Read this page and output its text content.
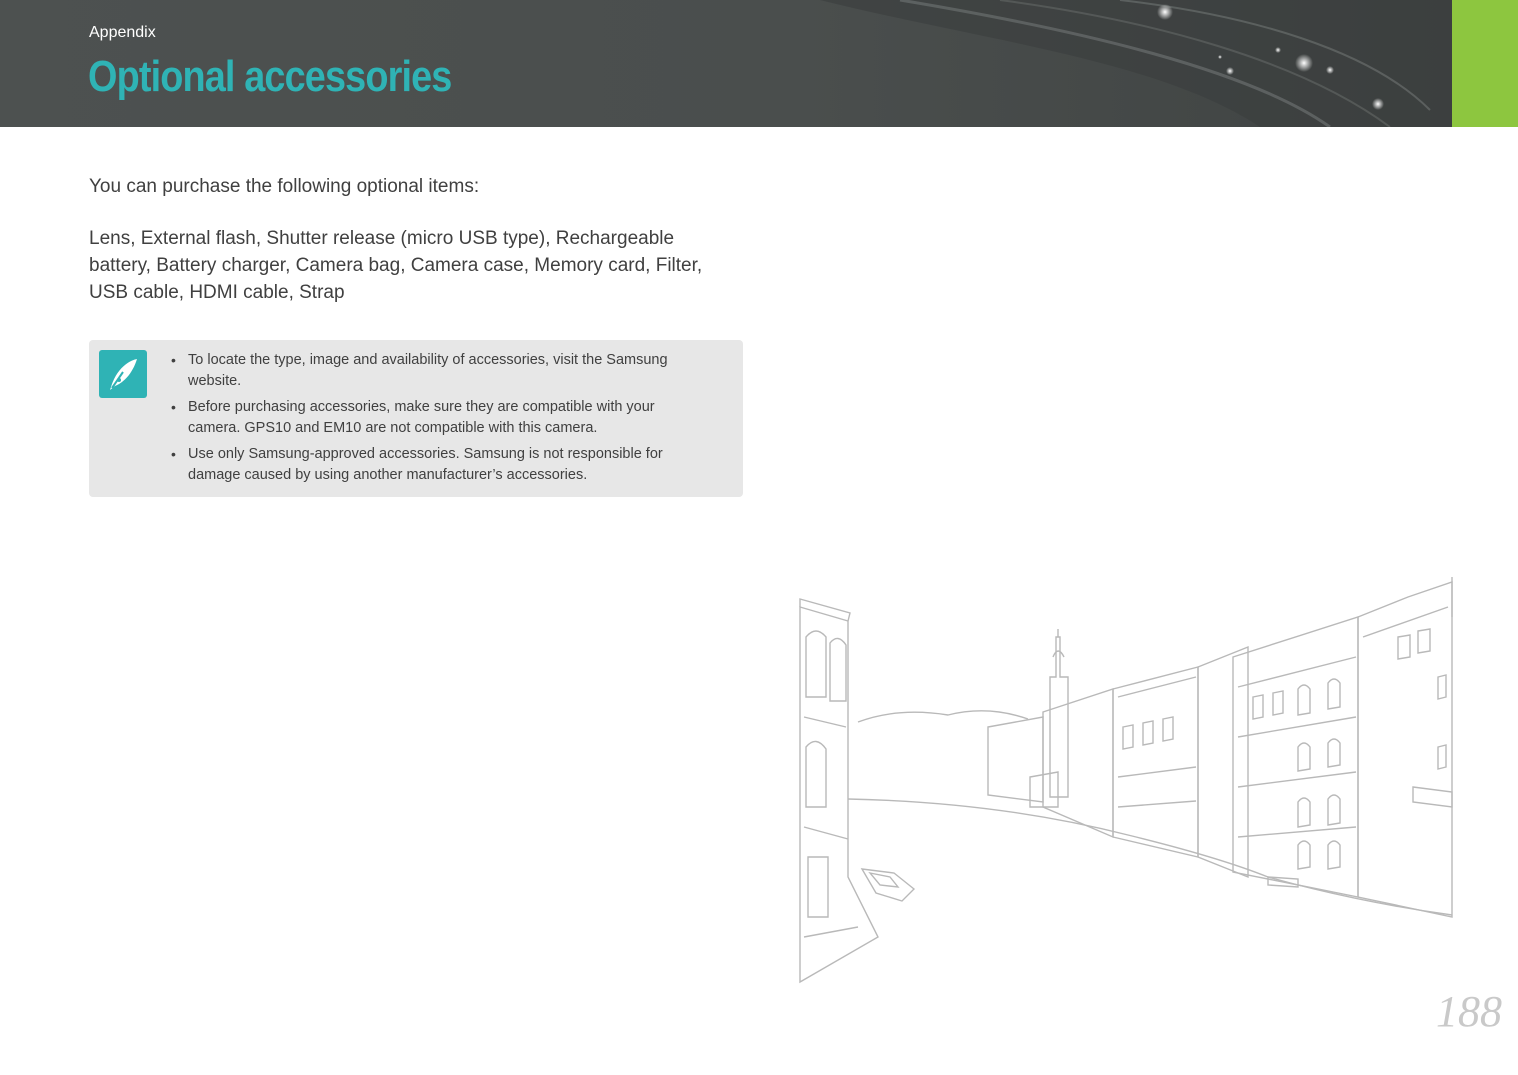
Appendix
Optional accessories

You can purchase the following optional items:

Lens, External flash, Shutter release (micro USB type), Rechargeable battery, Battery charger, Camera bag, Camera case, Memory card, Filter, USB cable, HDMI cable, Strap

• To locate the type, image and availability of accessories, visit the Samsung website.
• Before purchasing accessories, make sure they are compatible with your camera. GPS10 and EM10 are not compatible with this camera.
• Use only Samsung-approved accessories. Samsung is not responsible for damage caused by using another manufacturer’s accessories.
188
